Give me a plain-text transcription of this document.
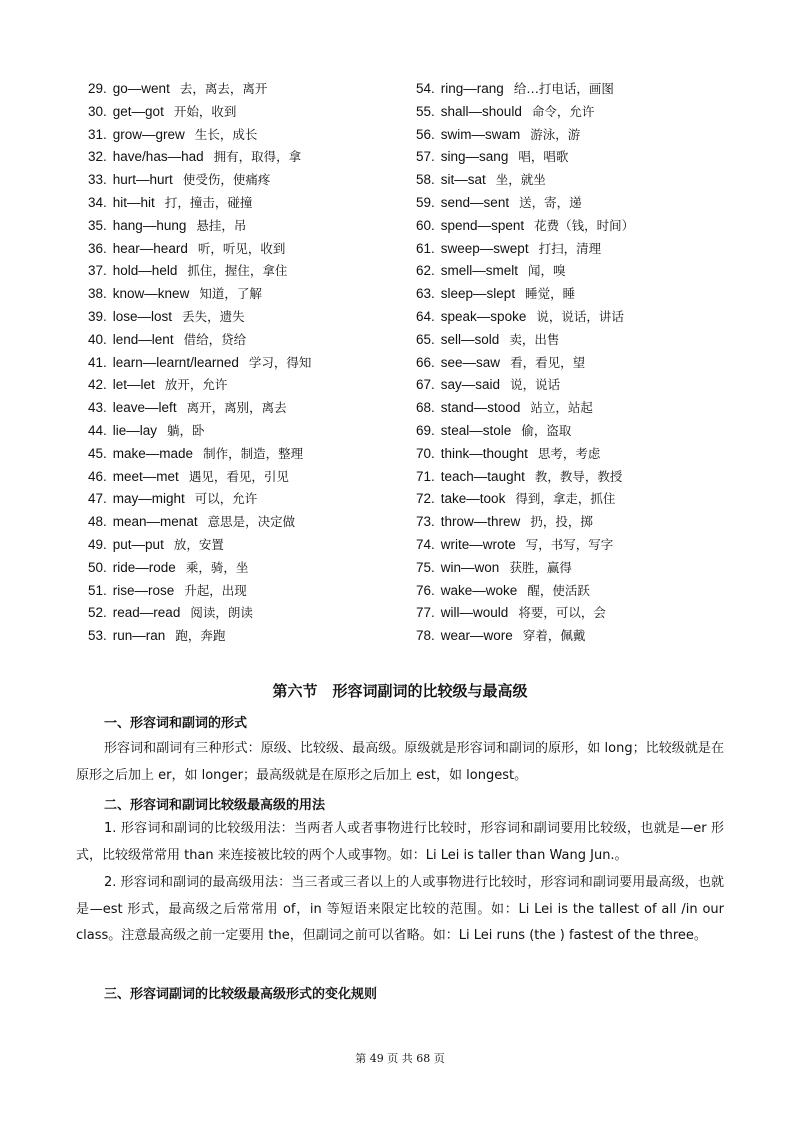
29. go—went 去，离去，离开
30. get—got 开始，收到
31. grow—grew 生长，成长
32. have/has—had 拥有，取得，拿
33. hurt—hurt 使受伤，使痛疼
34. hit—hit 打，撞击，碰撞
35. hang—hung 悬挂，吊
36. hear—heard 听，听见，收到
37. hold—held 抓住，握住，拿住
38. know—knew 知道，了解
39. lose—lost 丢失，遗失
40. lend—lent 借给，贷给
41. learn—learnt/learned 学习，得知
42. let—let 放开，允许
43. leave—left 离开，离别，离去
44. lie—lay 躺，卧
45. make—made 制作，制造，整理
46. meet—met 遇见，看见，引见
47. may—might 可以，允许
48. mean—menat 意思是，决定做
49. put—put 放，安置
50. ride—rode 乘，骑，坐
51. rise—rose 升起，出现
52. read—read 阅读，朗读
53. run—ran 跑，奔跑
54. ring—rang 给…打电话，画图
55. shall—should 命令，允许
56. swim—swam 游泳，游
57. sing—sang 唱，唱歌
58. sit—sat 坐，就坐
59. send—sent 送，寄，递
60. spend—spent 花费（钱，时间）
61. sweep—swept 打扫，清理
62. smell—smelt 闻，嗅
63. sleep—slept 睡觉，睡
64. speak—spoke 说，说话，讲话
65. sell—sold 卖，出售
66. see—saw 看，看见，望
67. say—said 说，说话
68. stand—stood 站立，站起
69. steal—stole 偷，盗取
70. think—thought 思考，考虑
71. teach—taught 教，教导，教授
72. take—took 得到，拿走，抓住
73. throw—threw 扔，投，掷
74. write—wrote 写，书写，写字
75. win—won 获胜，赢得
76. wake—woke 醒，使活跃
77. will—would 将要，可以，会
78. wear—wore 穿着，佩戴
第六节　形容词副词的比较级与最高级
一、形容词和副词的形式
形容词和副词有三种形式：原级、比较级、最高级。原级就是形容词和副词的原形，如 long；比较级就是在原形之后加上 er，如 longer；最高级就是在原形之后加上 est，如 longest。
二、形容词和副词比较级最高级的用法
1. 形容词和副词的比较级用法：当两者人或者事物进行比较时，形容词和副词要用比较级，也就是—er 形式，比较级常常用 than 来连接被比较的两个人或事物。如：Li Lei is taller than Wang Jun.。
2. 形容词和副词的最高级用法：当三者或三者以上的人或事物进行比较时，形容词和副词要用最高级，也就是—est 形式，最高级之后常常用 of，in 等短语来限定比较的范围。如：Li Lei is the tallest of all /in our class。注意最高级之前一定要用 the，但副词之前可以省略。如：Li Lei runs (the ) fastest of the three。
三、形容词副词的比较级最高级形式的变化规则
第 49 页 共 68 页
